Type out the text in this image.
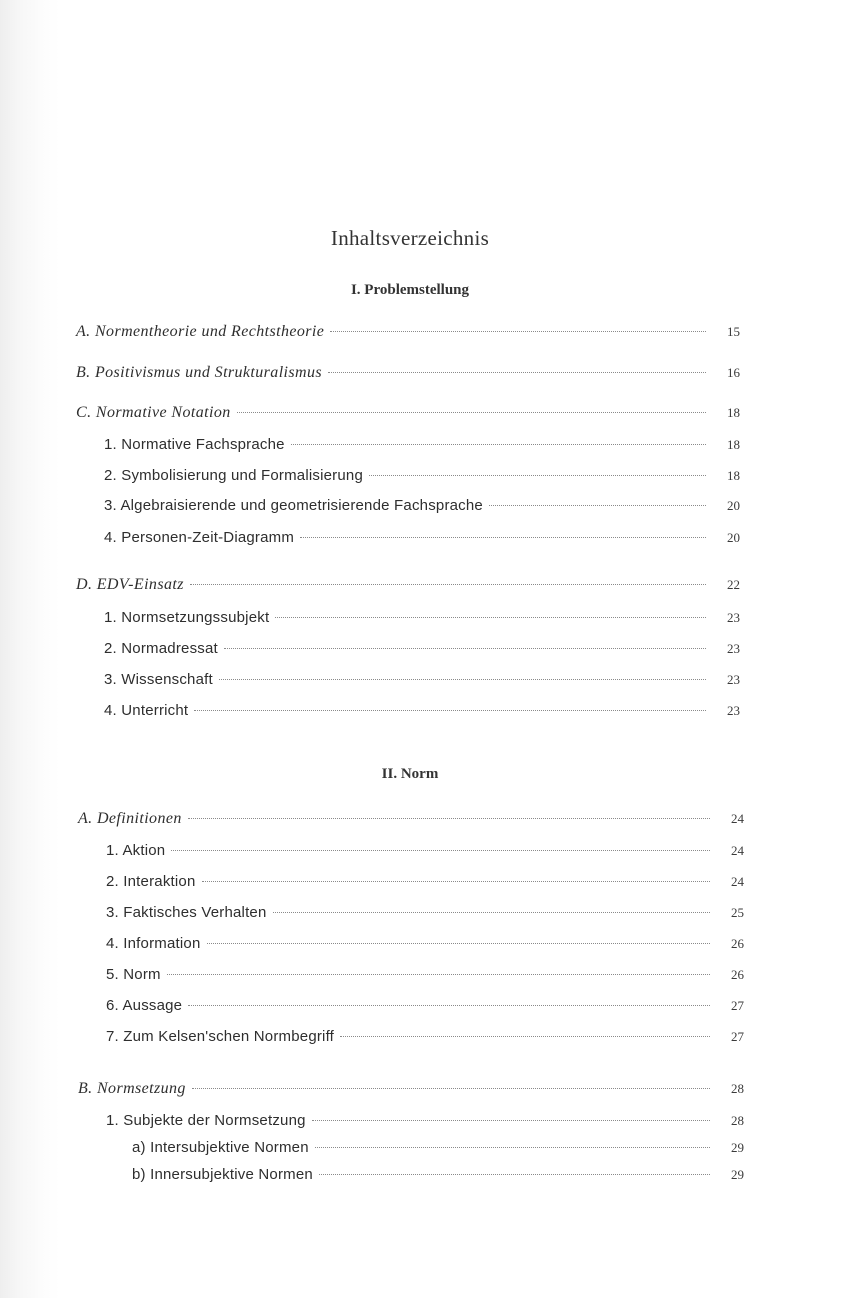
Inhaltsverzeichnis
I. Problemstellung
A. Normentheorie und Rechtstheorie	15
B. Positivismus und Strukturalismus	16
C. Normative Notation	18
1. Normative Fachsprache	18
2. Symbolisierung und Formalisierung	18
3. Algebraisierende und geometrisierende Fachsprache	20
4. Personen-Zeit-Diagramm	20
D. EDV-Einsatz	22
1. Normsetzungssubjekt	23
2. Normadressat	23
3. Wissenschaft	23
4. Unterricht	23
II. Norm
A. Definitionen	24
1. Aktion	24
2. Interaktion	24
3. Faktisches Verhalten	25
4. Information	26
5. Norm	26
6. Aussage	27
7. Zum Kelsen'schen Normbegriff	27
B. Normsetzung	28
1. Subjekte der Normsetzung	28
a) Intersubjektive Normen	29
b) Innersubjektive Normen	29
